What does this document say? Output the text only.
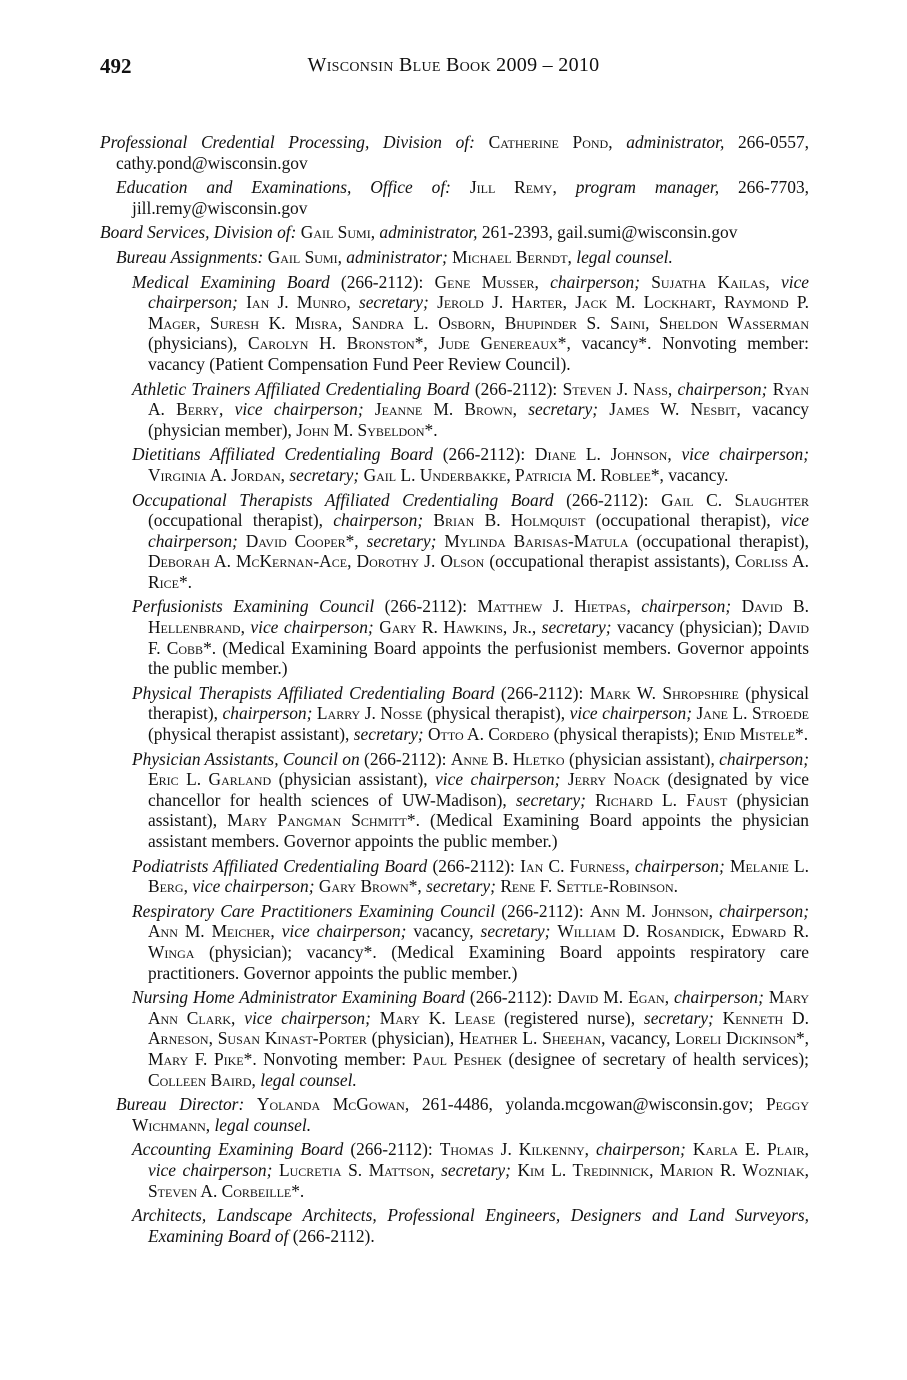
492	Wisconsin Blue Book 2009 – 2010

Professional Credential Processing, Division of: Catherine Pond, administrator, 266-0557, cathy.pond@wisconsin.gov

Education and Examinations, Office of: Jill Remy, program manager, 266-7703, jill.remy@wisconsin.gov

Board Services, Division of: Gail Sumi, administrator, 261-2393, gail.sumi@wisconsin.gov

Bureau Assignments: Gail Sumi, administrator; Michael Berndt, legal counsel.

Medical Examining Board (266-2112): Gene Musser, chairperson; Sujatha Kailas, vice chairperson; Ian J. Munro, secretary; Jerold J. Harter, Jack M. Lockhart, Raymond P. Mager, Suresh K. Misra, Sandra L. Osborn, Bhupinder S. Saini, Sheldon Wasserman (physicians), Carolyn H. Bronston*, Jude Genereaux*, vacancy*. Nonvoting member: vacancy (Patient Compensation Fund Peer Review Council).

Athletic Trainers Affiliated Credentialing Board (266-2112): Steven J. Nass, chairperson; Ryan A. Berry, vice chairperson; Jeanne M. Brown, secretary; James W. Nesbit, vacancy (physician member), John M. Sybeldon*.

Dietitians Affiliated Credentialing Board (266-2112): Diane L. Johnson, vice chairperson; Virginia A. Jordan, secretary; Gail L. Underbakke, Patricia M. Roblee*, vacancy.

Occupational Therapists Affiliated Credentialing Board (266-2112): Gail C. Slaughter (occupational therapist), chairperson; Brian B. Holmquist (occupational therapist), vice chairperson; David Cooper*, secretary; Mylinda Barisas-Matula (occupational therapist), Deborah A. McKernan-Ace, Dorothy J. Olson (occupational therapist assistants), Corliss A. Rice*.

Perfusionists Examining Council (266-2112): Matthew J. Hietpas, chairperson; David B. Hellenbrand, vice chairperson; Gary R. Hawkins, Jr., secretary; vacancy (physician); David F. Cobb*. (Medical Examining Board appoints the perfusionist members. Governor appoints the public member.)

Physical Therapists Affiliated Credentialing Board (266-2112): Mark W. Shropshire (physical therapist), chairperson; Larry J. Nosse (physical therapist), vice chairperson; Jane L. Stroede (physical therapist assistant), secretary; Otto A. Cordero (physical therapists); Enid Mistele*.

Physician Assistants, Council on (266-2112): Anne B. Hletko (physician assistant), chairperson; Eric L. Garland (physician assistant), vice chairperson; Jerry Noack (designated by vice chancellor for health sciences of UW-Madison), secretary; Richard L. Faust (physician assistant), Mary Pangman Schmitt*. (Medical Examining Board appoints the physician assistant members. Governor appoints the public member.)

Podiatrists Affiliated Credentialing Board (266-2112): Ian C. Furness, chairperson; Melanie L. Berg, vice chairperson; Gary Brown*, secretary; Rene F. Settle-Robinson.

Respiratory Care Practitioners Examining Council (266-2112): Ann M. Johnson, chairperson; Ann M. Meicher, vice chairperson; vacancy, secretary; William D. Rosandick, Edward R. Winga (physician); vacancy*. (Medical Examining Board appoints respiratory care practitioners. Governor appoints the public member.)

Nursing Home Administrator Examining Board (266-2112): David M. Egan, chairperson; Mary Ann Clark, vice chairperson; Mary K. Lease (registered nurse), secretary; Kenneth D. Arneson, Susan Kinast-Porter (physician), Heather L. Sheehan, vacancy, Loreli Dickinson*, Mary F. Pike*. Nonvoting member: Paul Peshek (designee of secretary of health services); Colleen Baird, legal counsel.

Bureau Director: Yolanda McGowan, 261-4486, yolanda.mcgowan@wisconsin.gov; Peggy Wichmann, legal counsel.

Accounting Examining Board (266-2112): Thomas J. Kilkenny, chairperson; Karla E. Plair, vice chairperson; Lucretia S. Mattson, secretary; Kim L. Tredinnick, Marion R. Wozniak, Steven A. Corbeille*.

Architects, Landscape Architects, Professional Engineers, Designers and Land Surveyors, Examining Board of (266-2112).
